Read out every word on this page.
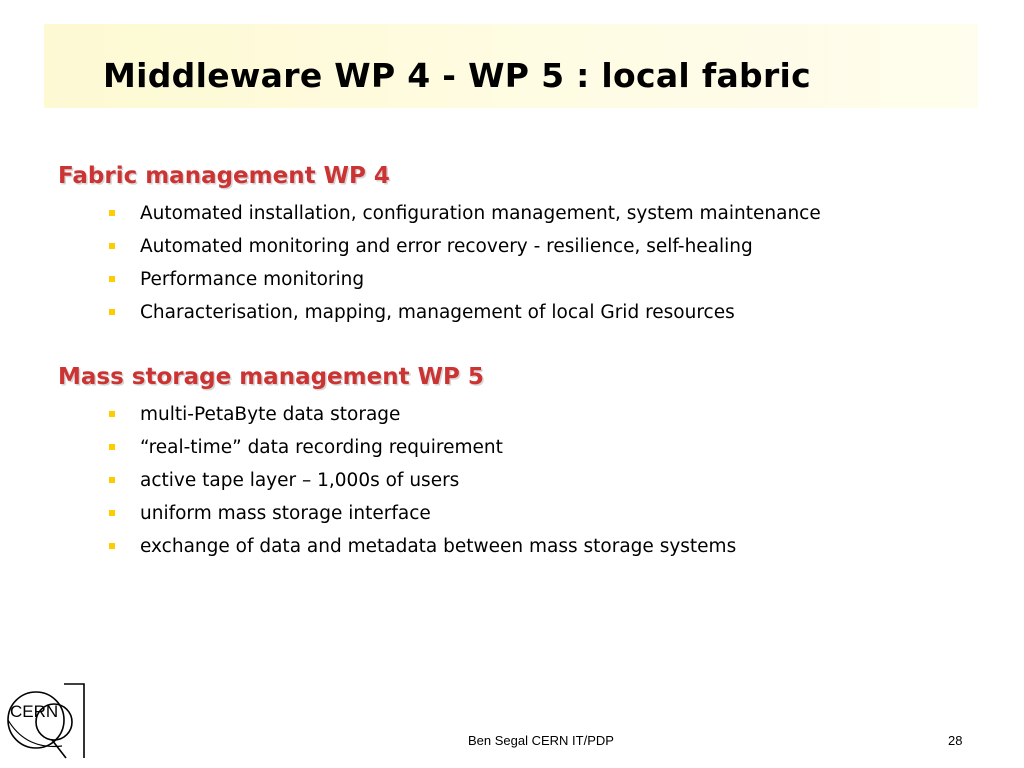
Middleware WP 4 - WP 5 : local fabric
Fabric management WP 4
Automated installation, configuration management, system maintenance
Automated monitoring and error recovery - resilience, self-healing
Performance monitoring
Characterisation, mapping, management of local Grid resources
Mass storage management WP 5
multi-PetaByte data storage
“real-time” data recording requirement
active tape layer – 1,000s of users
uniform mass storage interface
exchange of data and metadata between mass storage systems
CERN
Ben Segal CERN IT/PDP	28
